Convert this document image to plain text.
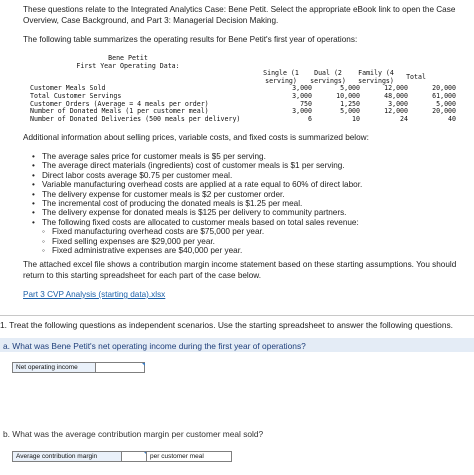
These questions relate to the Integrated Analytics Case: Bene Petit. Select the appropriate eBook link to open the Case Overview, Case Background, and Part 3: Managerial Decision Making.
The following table summarizes the operating results for Bene Petit's first year of operations:
Bene Petit
First Year Operating Data:
Single (1
serving)
Dual (2
servings)
Family (4
servings)	Total
Customer Meals Sold	3,000	5,000	12,000	20,000
Total Customer Servings	3,000	10,000	48,000	61,000
Customer Orders (Average = 4 meals per order)	750	1,250	3,000	5,000
Number of Donated Meals (1 per customer meal)	3,000	5,000	12,000	20,000
Number of Donated Deliveries (500 meals per delivery)	6	10	24	40
Additional information about selling prices, variable costs, and fixed costs is summarized below:
• The average sales price for customer meals is $5 per serving.
• The average direct materials (ingredients) cost of customer meals is $1 per serving.
• Direct labor costs average $0.75 per customer meal.
• Variable manufacturing overhead costs are applied at a rate equal to 60% of direct labor.
• The delivery expense for customer meals is $2 per customer order.
• The incremental cost of producing the donated meals is $1.25 per meal.
• The delivery expense for donated meals is $125 per delivery to community partners.
• The following fixed costs are allocated to customer meals based on total sales revenue:
◦ Fixed manufacturing overhead costs are $75,000 per year.
◦ Fixed selling expenses are $29,000 per year.
◦ Fixed administrative expenses are $40,000 per year.
The attached excel file shows a contribution margin income statement based on these starting assumptions. You should return to this starting spreadsheet for each part of the case below.
Part 3 CVP Analysis (starting data).xlsx
1. Treat the following questions as independent scenarios. Use the starting spreadsheet to answer the following questions.
a. What was Bene Petit's net operating income during the first year of operations?
Net operating income
b. What was the average contribution margin per customer meal sold?
Average contribution margin	per customer meal
